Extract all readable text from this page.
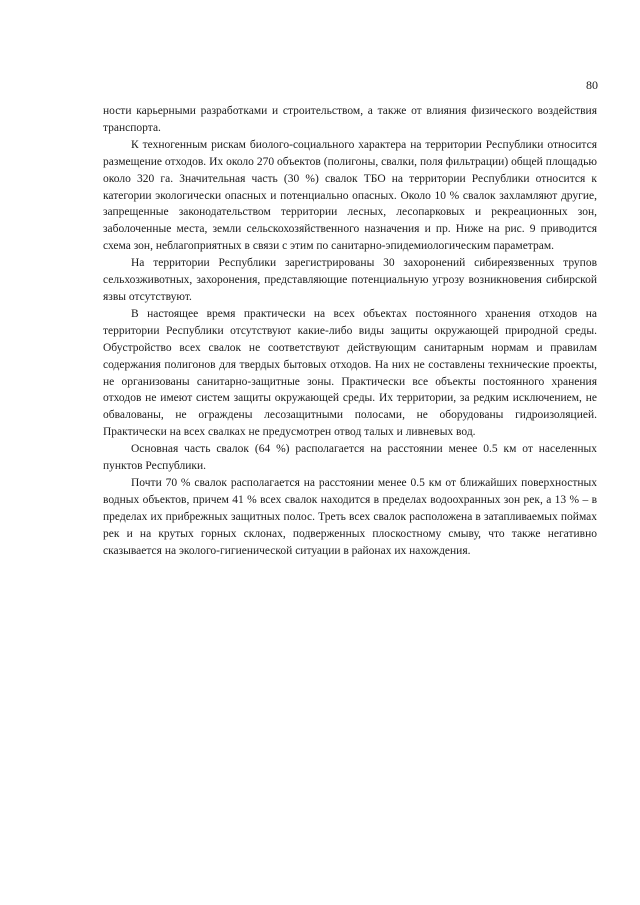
80

ности карьерными разработками и строительством, а также от влияния физического воздействия транспорта.

К техногенным рискам биолого-социального характера на территории Республики относится размещение отходов. Их около 270 объектов (полигоны, свалки, поля фильтрации) общей площадью около 320 га. Значительная часть (30 %) свалок ТБО на территории Республики относится к категории экологически опасных и потенциально опасных. Около 10 % свалок захламляют другие, запрещенные законодательством территории лесных, лесопарковых и рекреационных зон, заболоченные места, земли сельскохозяйственного назначения и пр. Ниже на рис. 9 приводится схема зон, неблагоприятных в связи с этим по санитарно-эпидемиологическим параметрам.

На территории Республики зарегистрированы 30 захоронений сибиреязвенных трупов сельхозживотных, захоронения, представляющие потенциальную угрозу возникновения сибирской язвы отсутствуют.

В настоящее время практически на всех объектах постоянного хранения отходов на территории Республики отсутствуют какие-либо виды защиты окружающей природной среды. Обустройство всех свалок не соответствуют действующим санитарным нормам и правилам содержания полигонов для твердых бытовых отходов. На них не составлены технические проекты, не организованы санитарно-защитные зоны. Практически все объекты постоянного хранения отходов не имеют систем защиты окружающей среды. Их территории, за редким исключением, не обвалованы, не ограждены лесозащитными полосами, не оборудованы гидроизоляцией. Практически на всех свалках не предусмотрен отвод талых и ливневых вод.

Основная часть свалок (64 %) располагается на расстоянии менее 0.5 км от населенных пунктов Республики.

Почти 70 % свалок располагается на расстоянии менее 0.5 км от ближайших поверхностных водных объектов, причем 41 % всех свалок находится в пределах водоохранных зон рек, а 13 % – в пределах их прибрежных защитных полос. Треть всех свалок расположена в затапливаемых поймах рек и на крутых горных склонах, подверженных плоскостному смыву, что также негативно сказывается на эколого-гигиенической ситуации в районах их нахождения.
